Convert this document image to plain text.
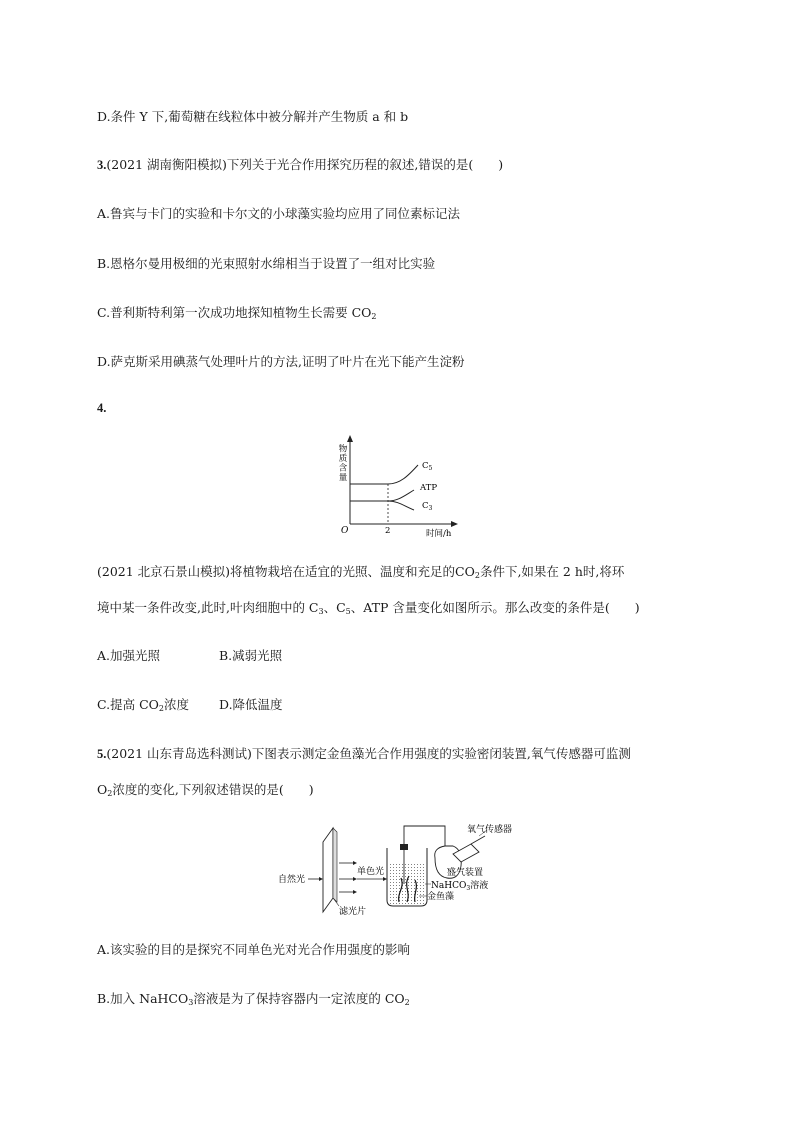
D.条件 Y 下,葡萄糖在线粒体中被分解并产生物质 a 和 b
3.(2021 湖南衡阳模拟)下列关于光合作用探究历程的叙述,错误的是(　　)
A.鲁宾与卡门的实验和卡尔文的小球藻实验均应用了同位素标记法
B.恩格尔曼用极细的光束照射水绵相当于设置了一组对比实验
C.普利斯特利第一次成功地探知植物生长需要 $CO_2$
D.萨克斯采用碘蒸气处理叶片的方法,证明了叶片在光下能产生淀粉
4.
物质含量
O	2	时间/h
$C_5$
ATP
$C_3$
(2021 北京石景山模拟)将植物栽培在适宜的光照、温度和充足的$CO_2$条件下,如果在 2 h时,将环
境中某一条件改变,此时,叶肉细胞中的 $C_3$、$C_5$、ATP 含量变化如图所示。那么改变的条件是(　　)
A.加强光照	B.减弱光照
C.提高 $CO_2$浓度 D.降低温度
5.(2021 山东青岛选科测试)下图表示测定金鱼藻光合作用强度的实验密闭装置,氧气传感器可监测
$O_2$浓度的变化,下列叙述错误的是(　　)
自然光
滤光片
单色光
氧气传感器
盛气装置
NaHCO$_3$溶液
金鱼藻
A.该实验的目的是探究不同单色光对光合作用强度的影响
B.加入 NaHCO$_3$溶液是为了保持容器内一定浓度的 $CO_2$
